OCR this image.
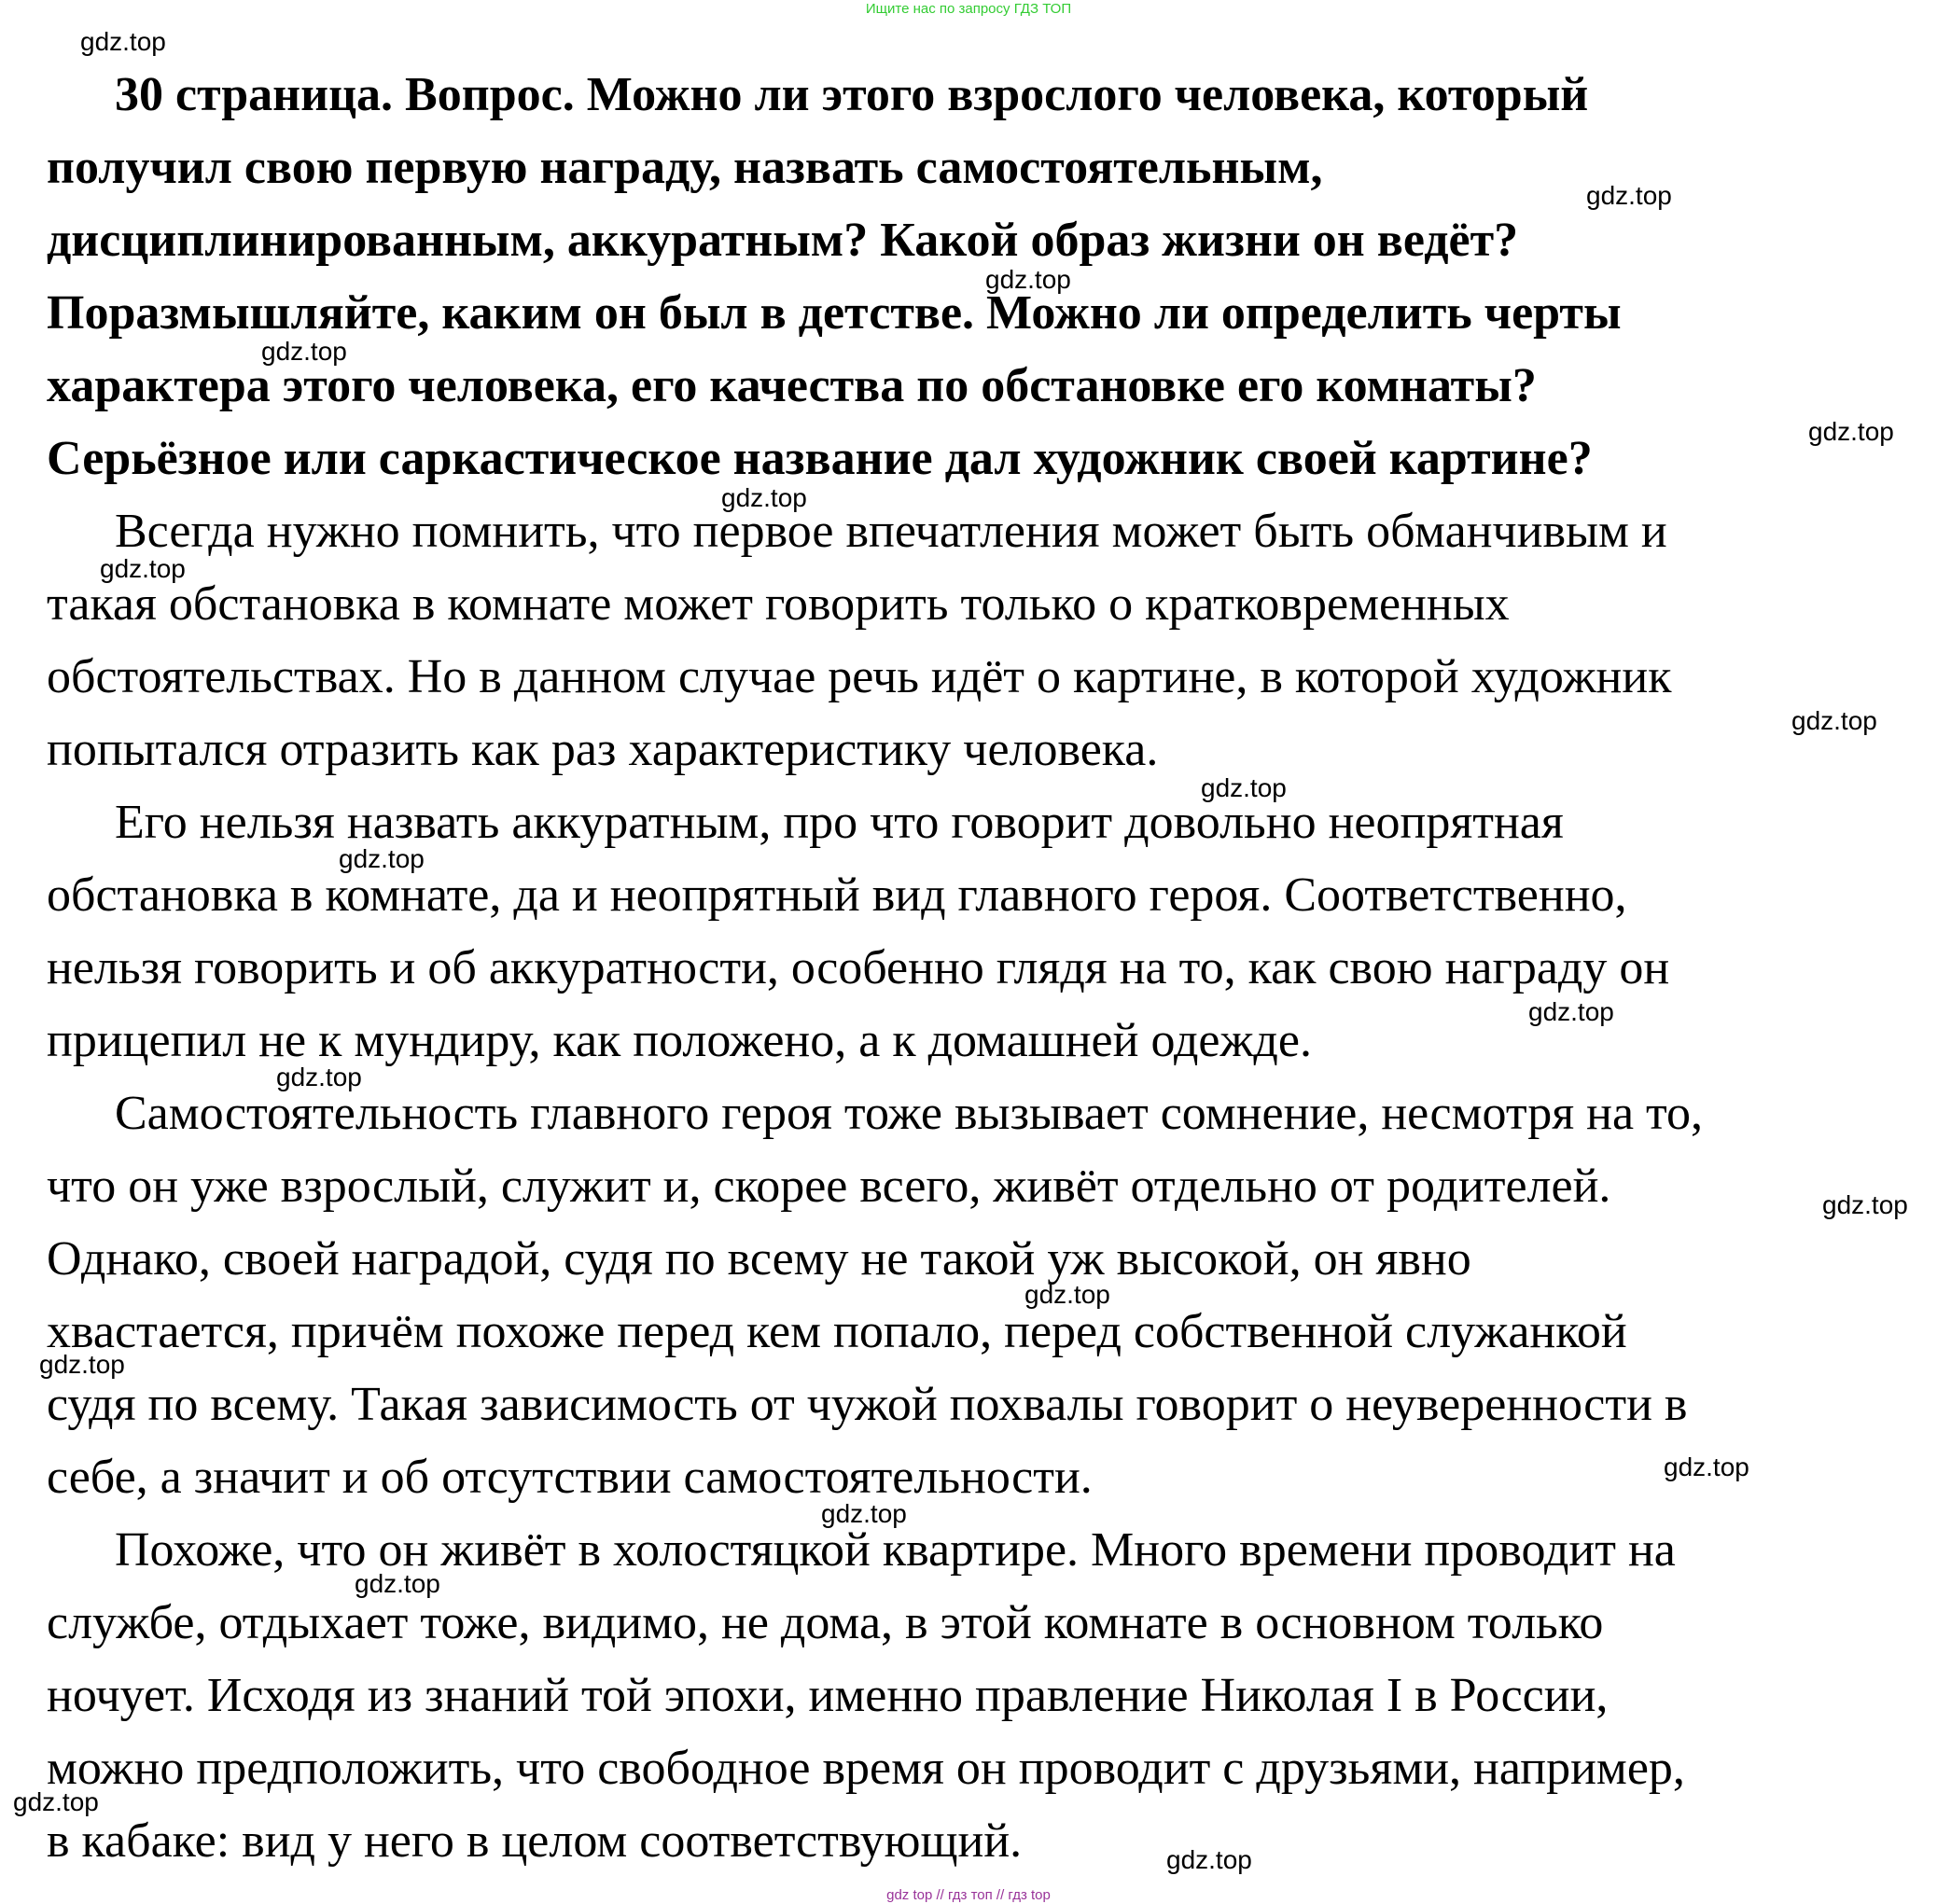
Ищите нас по запросу ГДЗ ТОП
30 страница. Вопрос. Можно ли этого взрослого человека, который
получил свою первую награду, назвать самостоятельным,
дисциплинированным, аккуратным? Какой образ жизни он ведёт?
Поразмышляйте, каким он был в детстве. Можно ли определить черты
характера этого человека, его качества по обстановке его комнаты?
Серьёзное или саркастическое название дал художник своей картине?
Всегда нужно помнить, что первое впечатления может быть обманчивым и
такая обстановка в комнате может говорить только о кратковременных
обстоятельствах. Но в данном случае речь идёт о картине, в которой художник
попытался отразить как раз характеристику человека.
Его нельзя назвать аккуратным, про что говорит довольно неопрятная
обстановка в комнате, да и неопрятный вид главного героя. Соответственно,
нельзя говорить и об аккуратности, особенно глядя на то, как свою награду он
прицепил не к мундиру, как положено, а к домашней одежде.
Самостоятельность главного героя тоже вызывает сомнение, несмотря на то,
что он уже взрослый, служит и, скорее всего, живёт отдельно от родителей.
Однако, своей наградой, судя по всему не такой уж высокой, он явно
хвастается, причём похоже перед кем попало, перед собственной служанкой
судя по всему. Такая зависимость от чужой похвалы говорит о неуверенности в
себе, а значит и об отсутствии самостоятельности.
Похоже, что он живёт в холостяцкой квартире. Много времени проводит на
службе, отдыхает тоже, видимо, не дома, в этой комнате в основном только
ночует. Исходя из знаний той эпохи, именно правление Николая I в России,
можно предположить, что свободное время он проводит с друзьями, например,
в кабаке: вид у него в целом соответствующий.
gdz.top
gdz.top
gdz.top
gdz.top
gdz.top
gdz.top
gdz.top
gdz.top
gdz.top
gdz.top
gdz.top
gdz.top
gdz.top
gdz.top
gdz.top
gdz.top
gdz.top
gdz.top
gdz.top
gdz.top
gdz top // гдз топ // гдз top
